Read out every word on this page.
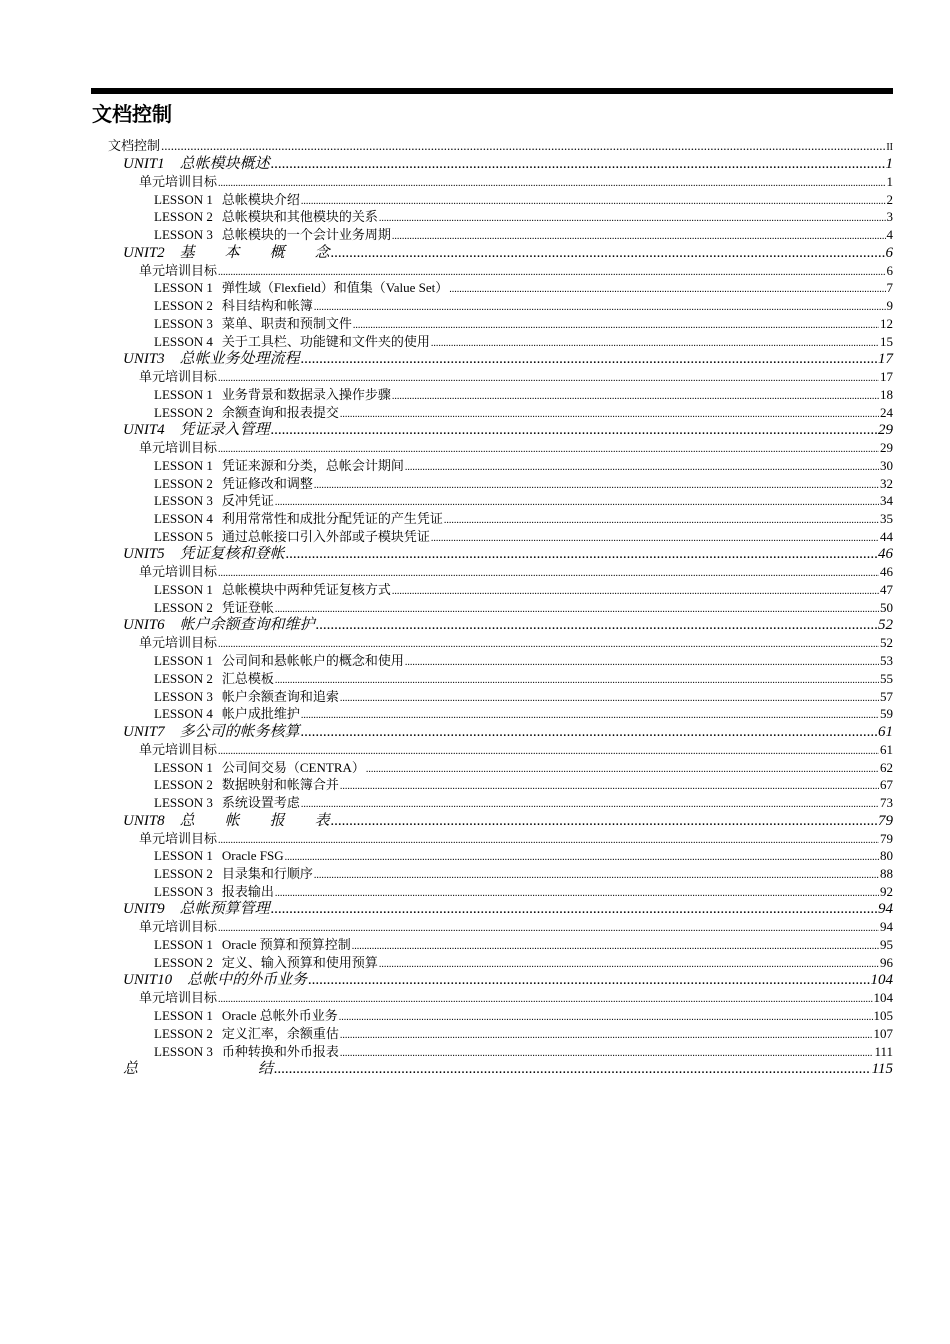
文档控制
文档控制 .....	II
UNIT1　总帐模块概述 .....	1
单元培训目标 .....	1
LESSON 1 总帐模块介绍 .....	2
LESSON 2 总帐模块和其他模块的关系 .....	3
LESSON 3 总帐模块的一个会计业务周期 .....	4
UNIT2　基　　本　　概　　念 .....	6
单元培训目标 .....	6
LESSON 1 弹性域（Flexfield）和值集（Value Set） .....	7
LESSON 2 科目结构和帐簿 .....	9
LESSON 3 菜单、职责和预制文件 .....	12
LESSON 4 关于工具栏、功能键和文件夹的使用 .....	15
UNIT3　总帐业务处理流程 .....	17
单元培训目标 .....	17
LESSON 1 业务背景和数据录入操作步骤 .....	18
LESSON 2 余额查询和报表提交 .....	24
UNIT4　凭证录入管理 .....	29
单元培训目标 .....	29
LESSON 1 凭证来源和分类，总帐会计期间 .....	30
LESSON 2 凭证修改和调整 .....	32
LESSON 3 反冲凭证 .....	34
LESSON 4 利用常常性和成批分配凭证的产生凭证 .....	35
LESSON 5 通过总帐接口引入外部或子模块凭证 .....	44
UNIT5　凭证复核和登帐 .....	46
单元培训目标 .....	46
LESSON 1 总帐模块中两种凭证复核方式 .....	47
LESSON 2 凭证登帐 .....	50
UNIT6　帐户余额查询和维护 .....	52
单元培训目标 .....	52
LESSON 1 公司间和悬帐帐户的概念和使用 .....	53
LESSON 2 汇总模板 .....	55
LESSON 3 帐户余额查询和追索 .....	57
LESSON 4 帐户成批维护 .....	59
UNIT7　多公司的帐务核算 .....	61
单元培训目标 .....	61
LESSON 1 公司间交易（CENTRA） .....	62
LESSON 2 数据映射和帐簿合并 .....	67
LESSON 3 系统设置考虑 .....	73
UNIT8　总　　帐　　报　　表 .....	79
单元培训目标 .....	79
LESSON 1 Oracle FSG .....	80
LESSON 2 目录集和行顺序 .....	88
LESSON 3 报表输出 .....	92
UNIT9　总帐预算管理 .....	94
单元培训目标 .....	94
LESSON 1 Oracle 预算和预算控制 .....	95
LESSON 2 定义、输入预算和使用预算 .....	96
UNIT10　总帐中的外币业务 .....	104
单元培训目标 .....	104
LESSON 1 Oracle 总帐外币业务 .....	105
LESSON 2 定义汇率，余额重估 .....	107
LESSON 3 币种转换和外币报表 .....	111
总　　　　　　　　结 .....	115
